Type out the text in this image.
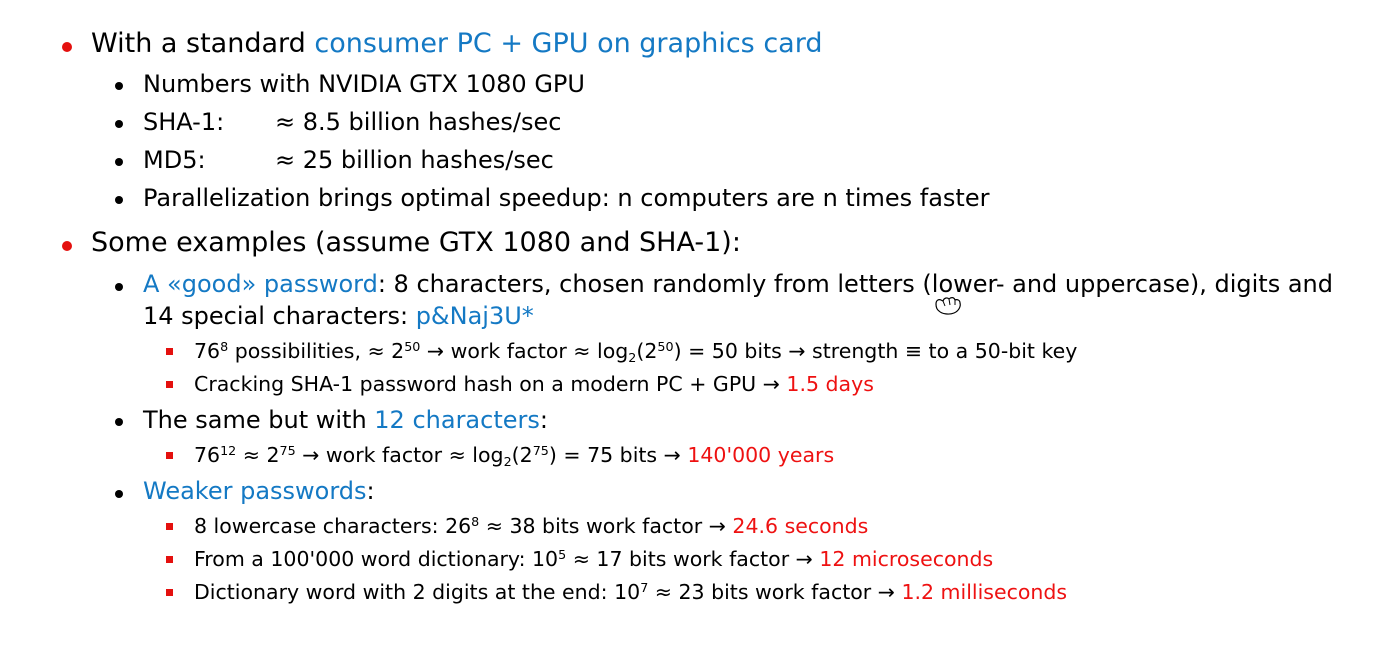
With a standard consumer PC + GPU on graphics card
Numbers with NVIDIA GTX 1080 GPU
SHA-1: ≈ 8.5 billion hashes/sec
MD5:	≈ 25 billion hashes/sec
Parallelization brings optimal speedup: n computers are n times faster
Some examples (assume GTX 1080 and SHA-1):
A «good» password: 8 characters, chosen randomly from letters (lower- and uppercase), digits and
14 special characters: p&Naj3U*
$76^8$ possibilities, ≈ $2^{50}$ → work factor ≈ $\log_2(2^{50}) = 50$ bits → strength ≡ to a 50-bit key
Cracking SHA-1 password hash on a modern PC + GPU → 1.5 days
The same but with 12 characters:
$76^{12} \approx 2^{75}$ → work factor ≈ $\log_2(2^{75}) = 75$ bits → 140'000 years
Weaker passwords:
8 lowercase characters: $26^8 \approx 38$ bits work factor → 24.6 seconds
From a 100'000 word dictionary: $10^5 \approx 17$ bits work factor → 12 microseconds
Dictionary word with 2 digits at the end: $10^7 \approx 23$ bits work factor → 1.2 milliseconds
